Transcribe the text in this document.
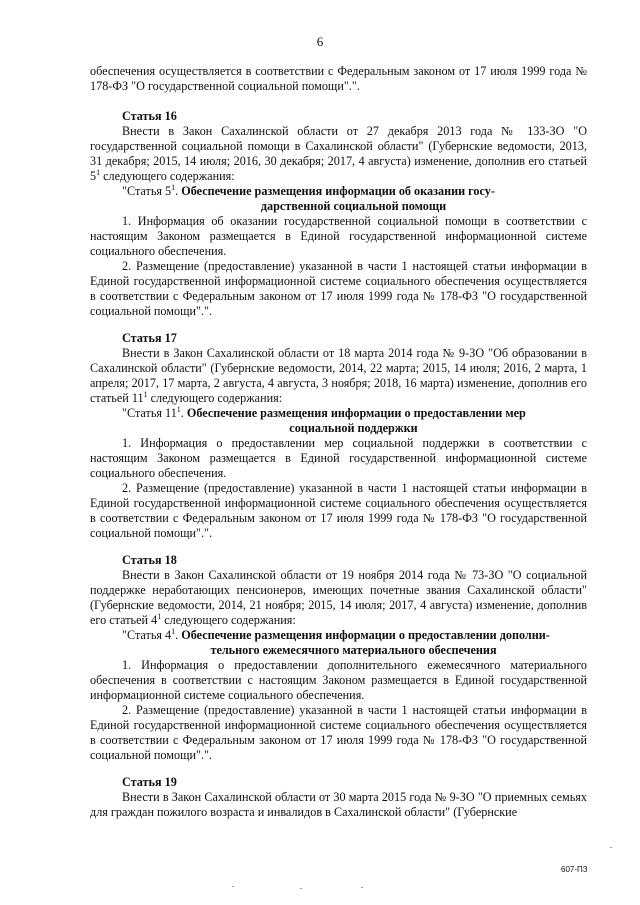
6

обеспечения осуществляется в соответствии с Федеральным законом от 17 июля 1999 года № 178-ФЗ "О государственной социальной помощи".".

Статья 16

Внести в Закон Сахалинской области от 27 декабря 2013 года № 133-ЗО "О государственной социальной помощи в Сахалинской области" (Губернские ведомости, 2013, 31 декабря; 2015, 14 июля; 2016, 30 декабря; 2017, 4 августа) изменение, дополнив его статьей $5^1$ следующего содержания:

"Статья $5^1$. Обеспечение размещения информации об оказании госу-
дарственной социальной помощи

1. Информация об оказании государственной социальной помощи в соответствии с настоящим Законом размещается в Единой государственной информационной системе социального обеспечения.

2. Размещение (предоставление) указанной в части 1 настоящей статьи информации в Единой государственной информационной системе социального обеспечения осуществляется в соответствии с Федеральным законом от 17 июля 1999 года № 178-ФЗ "О государственной социальной помощи".".

Статья 17

Внести в Закон Сахалинской области от 18 марта 2014 года № 9-ЗО "Об образовании в Сахалинской области" (Губернские ведомости, 2014, 22 марта; 2015, 14 июля; 2016, 2 марта, 1 апреля; 2017, 17 марта, 2 августа, 4 августа, 3 ноября; 2018, 16 марта) изменение, дополнив его статьей $11^1$ следующего содержания:

"Статья $11^1$. Обеспечение размещения информации о предоставлении мер
социальной поддержки

1. Информация о предоставлении мер социальной поддержки в соответствии с настоящим Законом размещается в Единой государственной информационной системе социального обеспечения.

2. Размещение (предоставление) указанной в части 1 настоящей статьи информации в Единой государственной информационной системе социального обеспечения осуществляется в соответствии с Федеральным законом от 17 июля 1999 года № 178-ФЗ "О государственной социальной помощи".".

Статья 18

Внести в Закон Сахалинской области от 19 ноября 2014 года № 73-ЗО "О социальной поддержке неработающих пенсионеров, имеющих почетные звания Сахалинской области" (Губернские ведомости, 2014, 21 ноября; 2015, 14 июля; 2017, 4 августа) изменение, дополнив его статьей $4^1$ следующего содержания:

"Статья $4^1$. Обеспечение размещения информации о предоставлении дополни-
тельного ежемесячного материального обеспечения

1. Информация о предоставлении дополнительного ежемесячного материального обеспечения в соответствии с настоящим Законом размещается в Единой государственной информационной системе социального обеспечения.

2. Размещение (предоставление) указанной в части 1 настоящей статьи информации в Единой государственной информационной системе социального обеспечения осуществляется в соответствии с Федеральным законом от 17 июля 1999 года № 178-ФЗ "О государственной социальной помощи".".

Статья 19

Внести в Закон Сахалинской области от 30 марта 2015 года № 9-ЗО "О приемных семьях для граждан пожилого возраста и инвалидов в Сахалинской области" (Губернские

607-ПЗ
